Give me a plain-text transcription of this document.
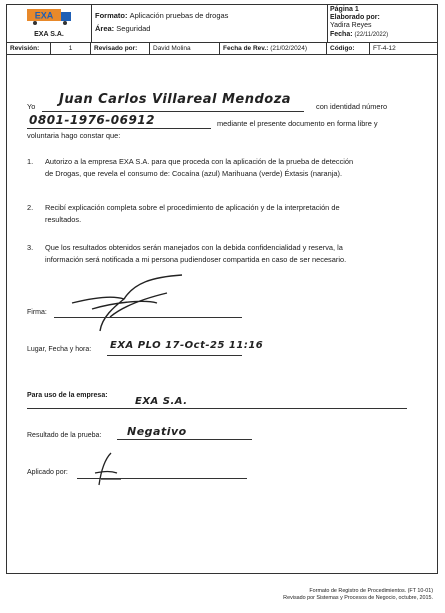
EXA
EXA S.A.
Formato: Aplicación pruebas de drogas
Área: Seguridad
Página 1
Elaborado por:
Yadira Reyes
Fecha: (22/11/2022)
Revisión:	1	Revisado por:	David Molina	Fecha de Rev.: (21/02/2024)	Código:	FT-4-12
Yo Juan Carlos Villareal Mendoza	con identidad número
0801-1976-06912	mediante el presente documento en forma libre y
voluntaria hago constar que:
1. Autorizo a la empresa EXA S.A. para que proceda con la aplicación de la prueba de detección
de Drogas, que revela el consumo de: Cocaína (azul) Marihuana (verde) Éxtasis (naranja).
2. Recibí explicación completa sobre el procedimiento de aplicación y de la interpretación de
resultados.
3. Que los resultados obtenidos serán manejados con la debida confidencialidad y reserva, la
información será notificada a mi persona pudiendoser compartida en caso de ser necesario.
Firma:
Lugar, Fecha y hora: EXA PLO 17-Oct-25 11:16
Para uso de la empresa:
EXA S.A.
Resultado de la prueba: Negativo
Aplicado por:
Formato de Registro de Procedimientos. (FT 10-01)
Revisado por Sistemas y Procesos de Negocio, octubre, 2015.
